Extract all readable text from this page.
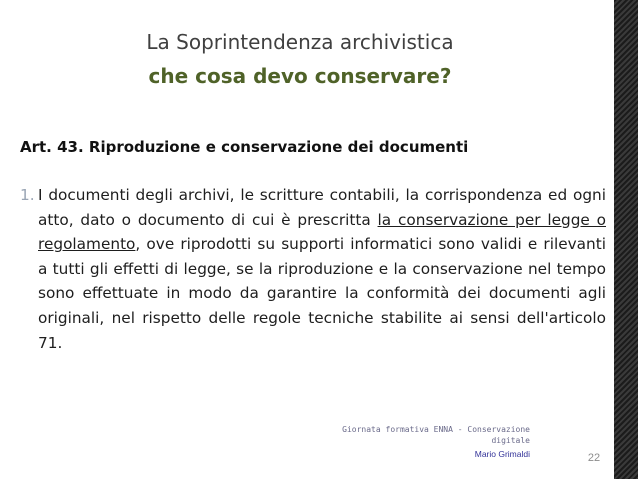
La Soprintendenza archivistica
che cosa devo conservare?
Art. 43. Riproduzione e conservazione dei documenti
1. I documenti degli archivi, le scritture contabili, la corrispondenza ed ogni atto, dato o documento di cui è prescritta la conservazione per legge o regolamento, ove riprodotti su supporti informatici sono validi e rilevanti a tutti gli effetti di legge, se la riproduzione e la conservazione nel tempo sono effettuate in modo da garantire la conformità dei documenti agli originali, nel rispetto delle regole tecniche stabilite ai sensi dell'articolo 71.
Giornata formativa ENNA - Conservazione
digitale
Mario Grimaldi	22
